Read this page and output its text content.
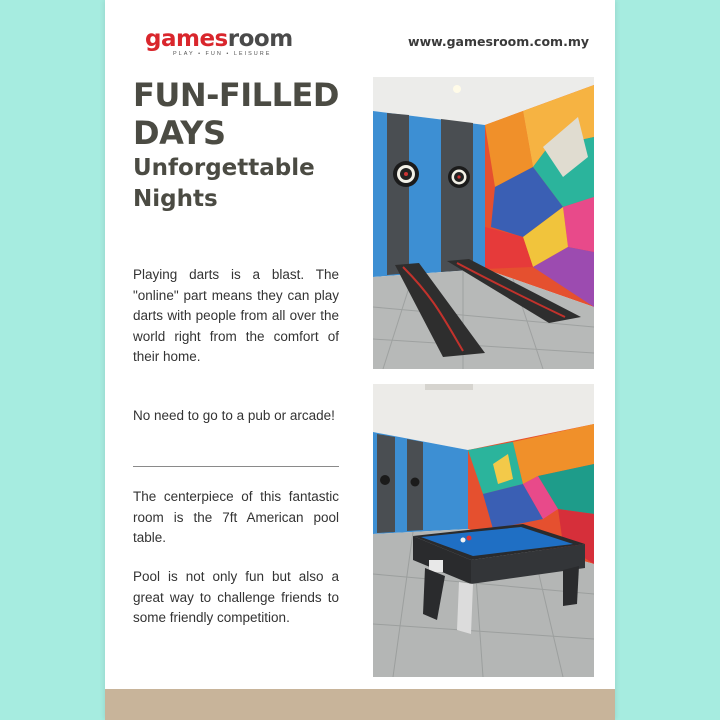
gamesroom
PLAY • FUN • LEISURE
www.gamesroom.com.my
FUN-FILLED
DAYS
Unforgettable
Nights

Playing darts is a blast. The "online" part means they can play darts with people from all over the world right from the comfort of their home.

No need to go to a pub or arcade!

The centerpiece of this fantastic room is the 7ft American pool table.

Pool is not only fun but also a great way to challenge friends to some friendly competition.
